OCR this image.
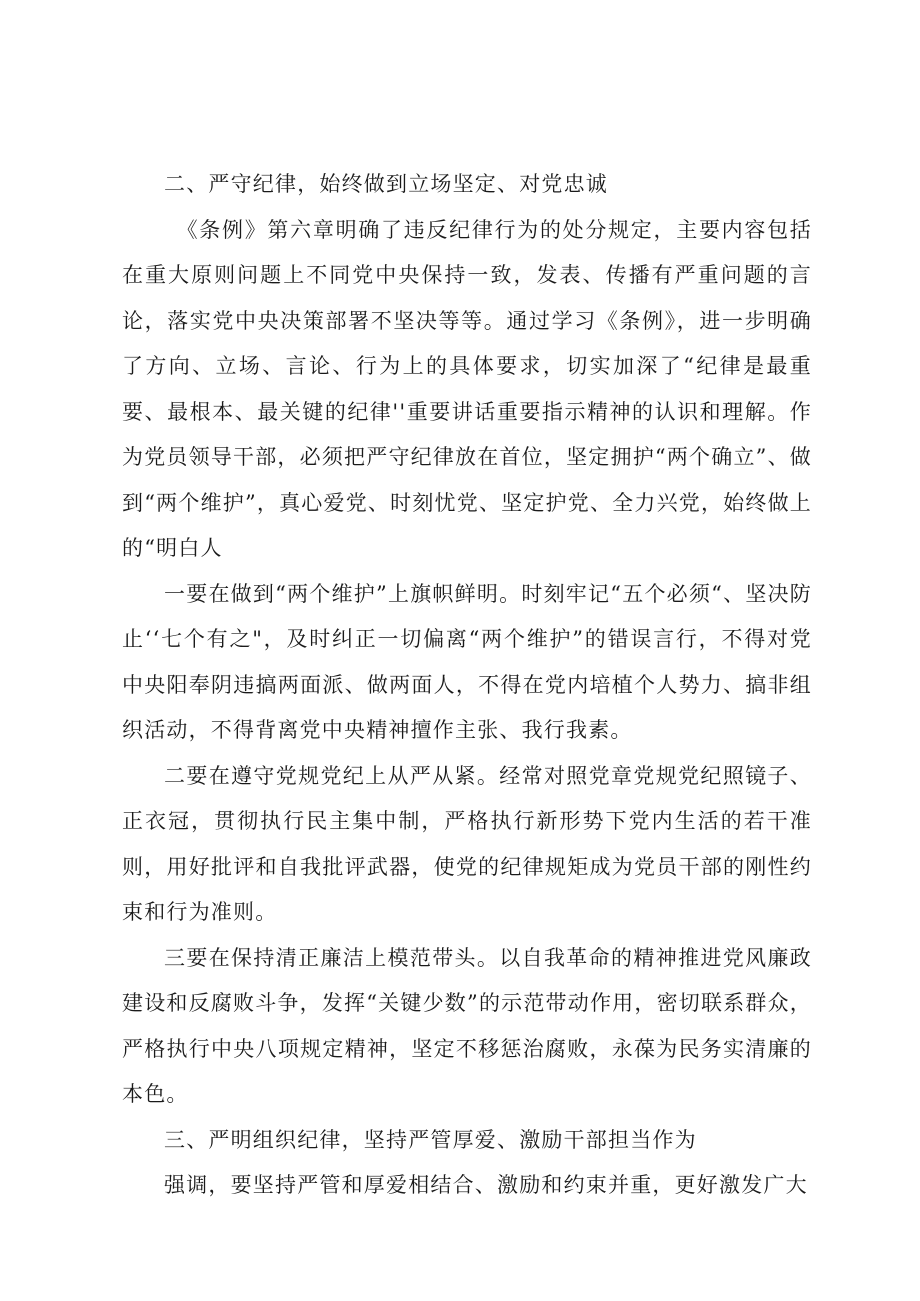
二、严守纪律，始终做到立场坚定、对党忠诚

《条例》第六章明确了违反纪律行为的处分规定，主要内容包括在重大原则问题上不同党中央保持一致，发表、传播有严重问题的言论，落实党中央决策部署不坚决等等。通过学习《条例》，进一步明确了方向、立场、言论、行为上的具体要求，切实加深了“纪律是最重要、最根本、最关键的纪律''重要讲话重要指示精神的认识和理解。作为党员领导干部，必须把严守纪律放在首位，坚定拥护“两个确立”、做到“两个维护”，真心爱党、时刻忧党、坚定护党、全力兴党，始终做上的“明白人

一要在做到“两个维护”上旗帜鲜明。时刻牢记“五个必须“、坚决防止‘‘七个有之"，及时纠正一切偏离“两个维护”的错误言行，不得对党中央阳奉阴违搞两面派、做两面人，不得在党内培植个人势力、搞非组织活动，不得背离党中央精神擅作主张、我行我素。

二要在遵守党规党纪上从严从紧。经常对照党章党规党纪照镜子、正衣冠，贯彻执行民主集中制，严格执行新形势下党内生活的若干准则，用好批评和自我批评武器，使党的纪律规矩成为党员干部的刚性约束和行为准则。

三要在保持清正廉洁上模范带头。以自我革命的精神推进党风廉政建设和反腐败斗争，发挥“关键少数”的示范带动作用，密切联系群众，严格执行中央八项规定精神，坚定不移惩治腐败，永葆为民务实清廉的本色。

三、严明组织纪律，坚持严管厚爱、激励干部担当作为

强调，要坚持严管和厚爱相结合、激励和约束并重，更好激发广大
